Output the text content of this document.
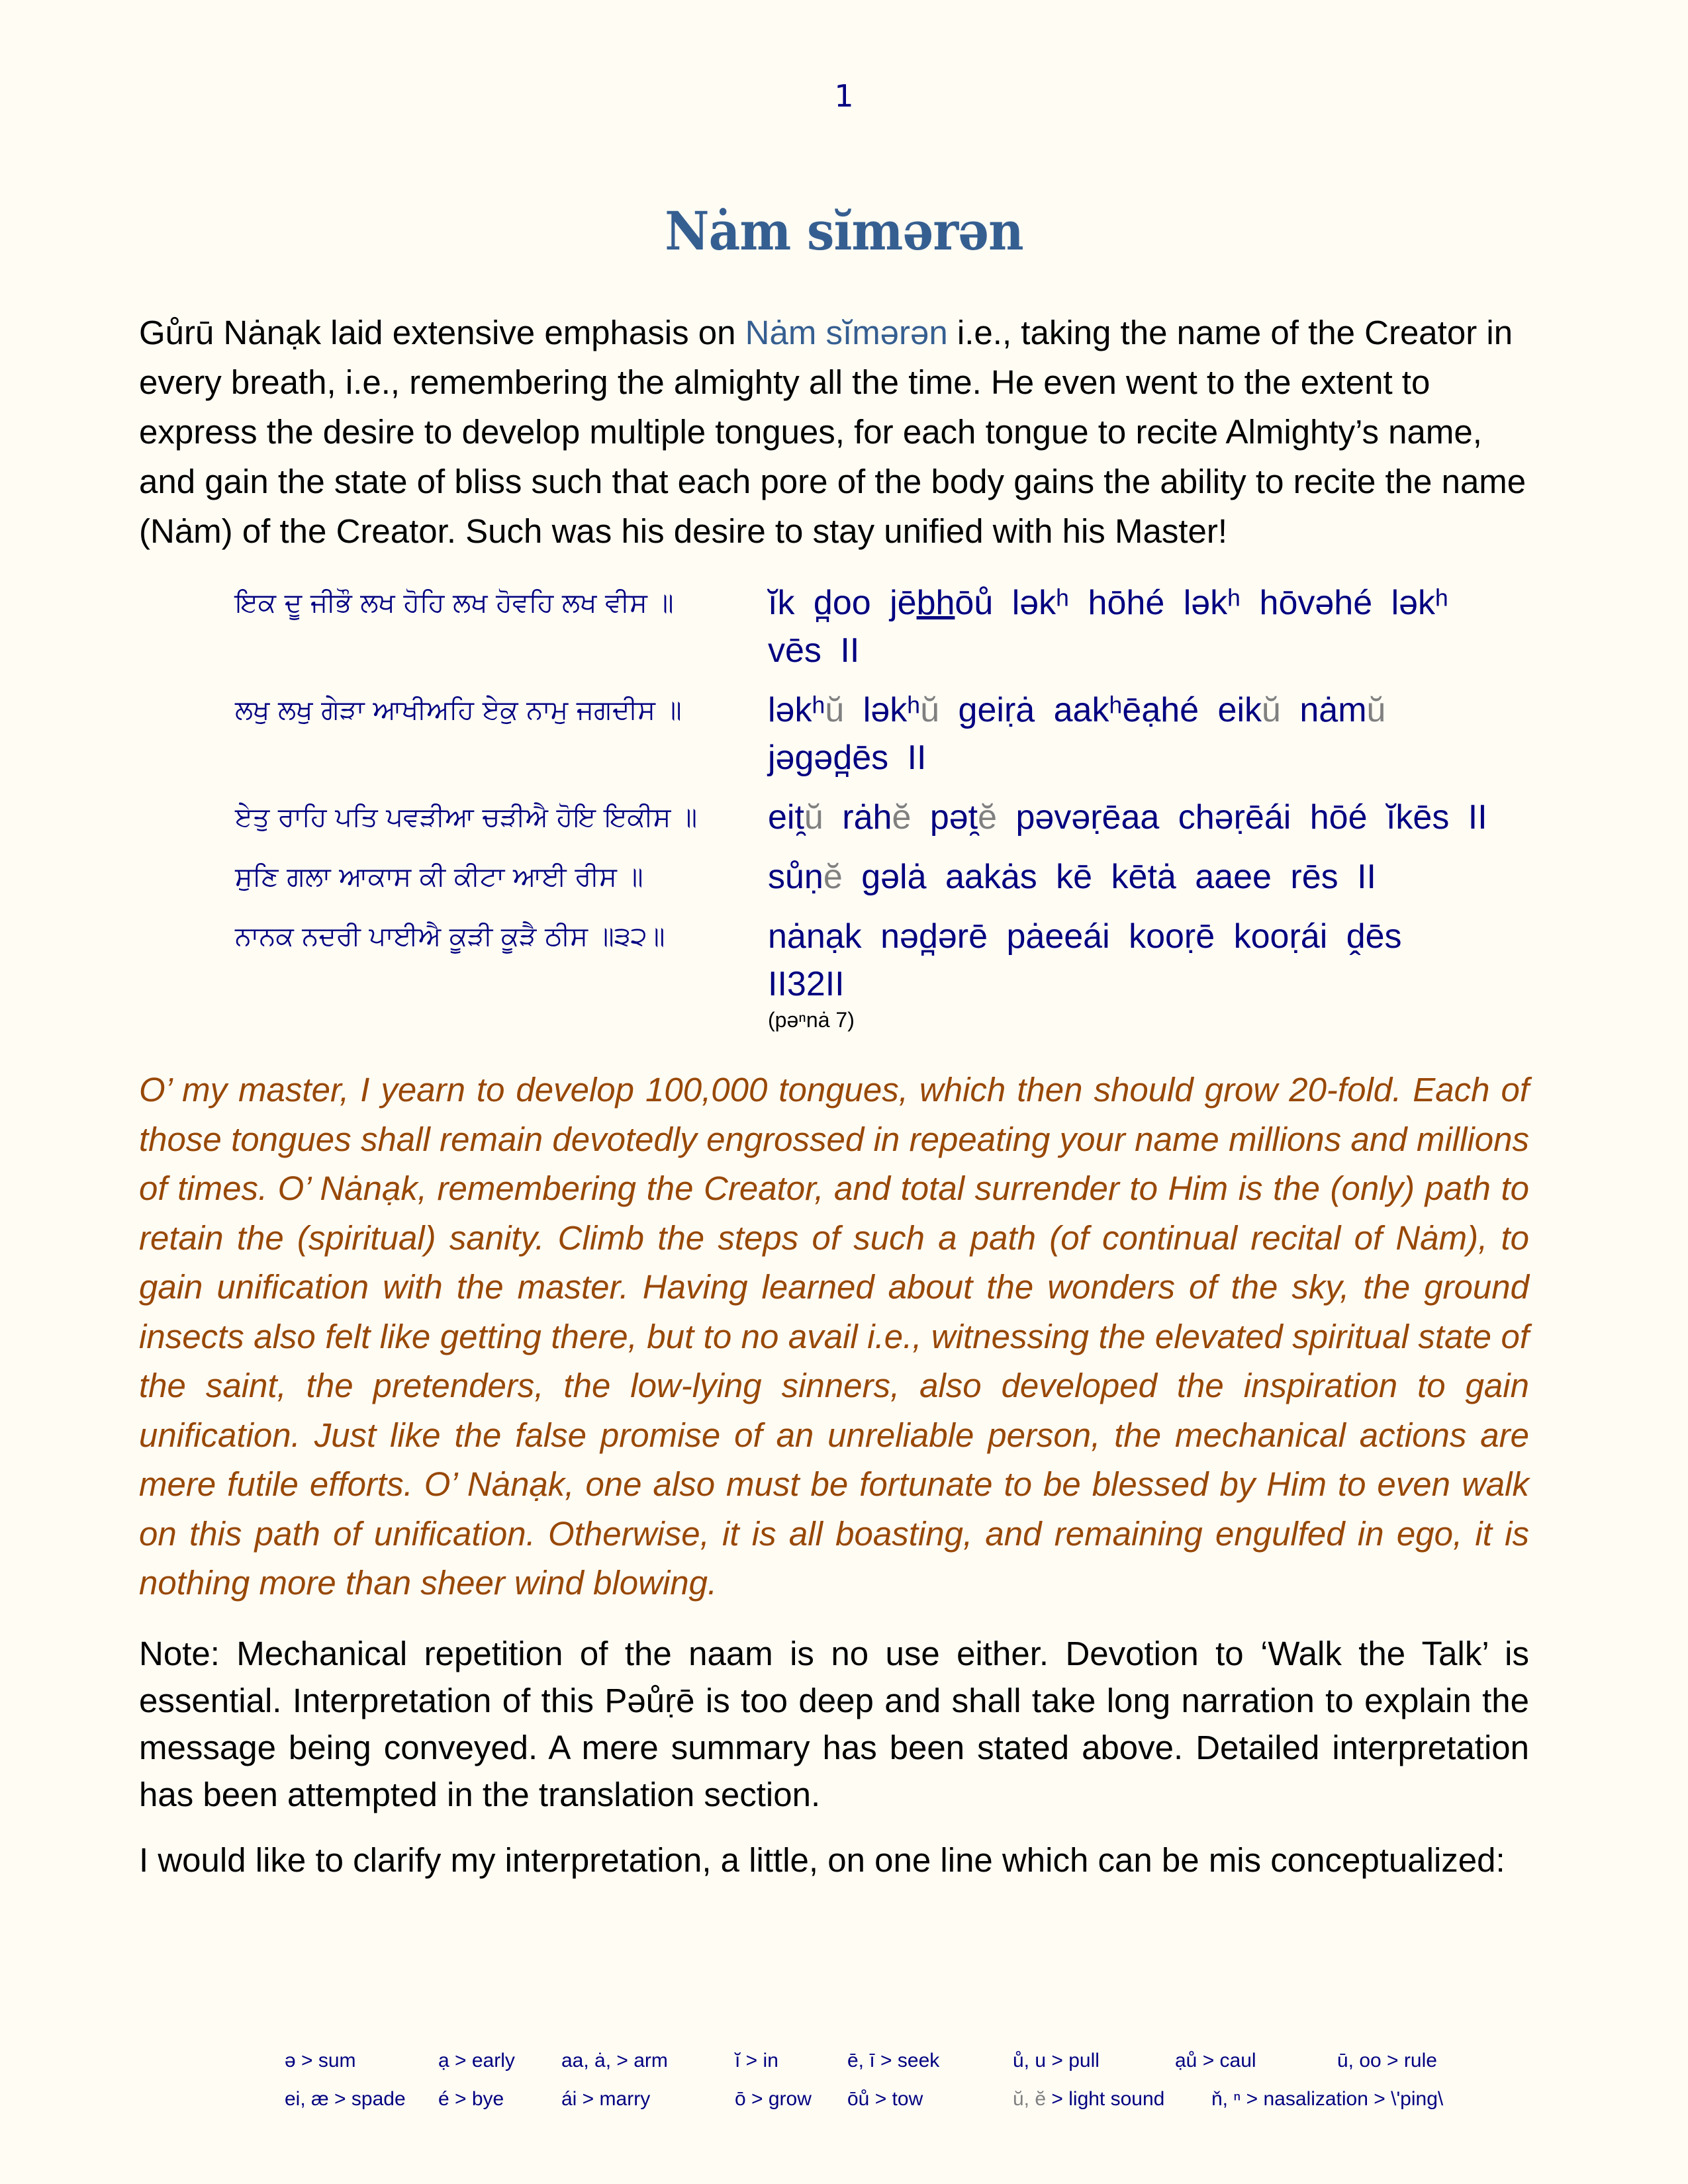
1
Nȧm sĭmərən

Gůrū Nȧnạk laid extensive emphasis on Nȧm sĭmərən i.e., taking the name of the Creator in every breath, i.e., remembering the almighty all the time. He even went to the extent to express the desire to develop multiple tongues, for each tongue to recite Almighty’s name, and gain the state of bliss such that each pore of the body gains the ability to recite the name (Nȧm) of the Creator. Such was his desire to stay unified with his Master!

ਇਕ ਦੂ ਜੀਭੌ ਲਖ ਹੋਹਿ ਲਖ ਹੋਵਹਿ ਲਖ ਵੀਸ ॥	ĭk d̪oo jēbhōů ləkʰ hōhé ləkʰ hōvəhé ləkʰ vēs II
ਲਖੁ ਲਖੁ ਗੇੜਾ ਆਖੀਅਹਿ ਏਕੁ ਨਾਮੁ ਜਗਦੀਸ ॥	ləkʰŭ ləkʰŭ geiṛȧ aakʰēạhé eikŭ nȧmŭ jəgəd̪ēs II
ਏਤੁ ਰਾਹਿ ਪਤਿ ਪਵੜੀਆ ਚੜੀਐ ਹੋਇ ਇਕੀਸ ॥	eit̯ŭ rȧhĕ pət̯ĕ pəvəṛēaa chəṛēái hōé ĭkēs II
ਸੁਣਿ ਗਲਾ ਆਕਾਸ ਕੀ ਕੀਟਾ ਆਈ ਰੀਸ ॥	sůṇĕ gəlȧ aakȧs kē kētȧ aaee rēs II
ਨਾਨਕ ਨਦਰੀ ਪਾਈਐ ਕੂੜੀ ਕੂੜੈ ਠੀਸ ॥੩੨॥	nȧnạk nəd̪ərē pȧeeái kooṛē kooṛái ḓēs II32II
(pəⁿnȧ 7)

O’ my master, I yearn to develop 100,000 tongues, which then should grow 20-fold. Each of those tongues shall remain devotedly engrossed in repeating your name millions and millions of times. O’ Nȧnạk, remembering the Creator, and total surrender to Him is the (only) path to retain the (spiritual) sanity. Climb the steps of such a path (of continual recital of Nȧm), to gain unification with the master. Having learned about the wonders of the sky, the ground insects also felt like getting there, but to no avail i.e., witnessing the elevated spiritual state of the saint, the pretenders, the low-lying sinners, also developed the inspiration to gain unification. Just like the false promise of an unreliable person, the mechanical actions are mere futile efforts. O’ Nȧnạk, one also must be fortunate to be blessed by Him to even walk on this path of unification. Otherwise, it is all boasting, and remaining engulfed in ego, it is nothing more than sheer wind blowing.

Note: Mechanical repetition of the naam is no use either. Devotion to ‘Walk the Talk’ is essential. Interpretation of this Pəůṛē is too deep and shall take long narration to explain the message being conveyed. A mere summary has been stated above. Detailed interpretation has been attempted in the translation section.

I would like to clarify my interpretation, a little, on one line which can be mis conceptualized:

ə > sum	ạ > early	aa, ȧ, > arm	ĭ > in	ē, ī > seek	ů, u > pull	ạů > caul	ū, oo > rule
ei, æ > spade	é > bye	ái > marry	ō > grow	ōů > tow	ŭ, ĕ > light sound	ň, ⁿ > nasalization > \'ping\
